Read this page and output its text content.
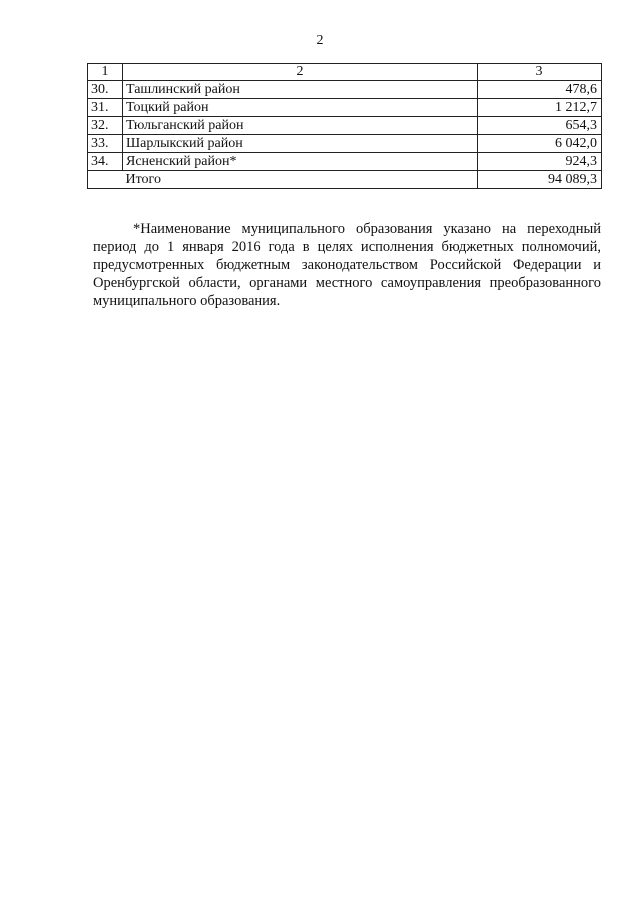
2
1	2	3
30.	Ташлинский район	478,6
31.	Тоцкий район	1 212,7
32.	Тюльганский район	654,3
33.	Шарлыкский район	6 042,0
34.	Ясненский район*	924,3
	Итого	94 089,3

*Наименование муниципального образования указано на переходный период до 1 января 2016 года в целях исполнения бюджетных полномочий, предусмотренных бюджетным законодательством Российской Федерации и Оренбургской области, органами местного самоуправления преобразованного муниципального образования.
